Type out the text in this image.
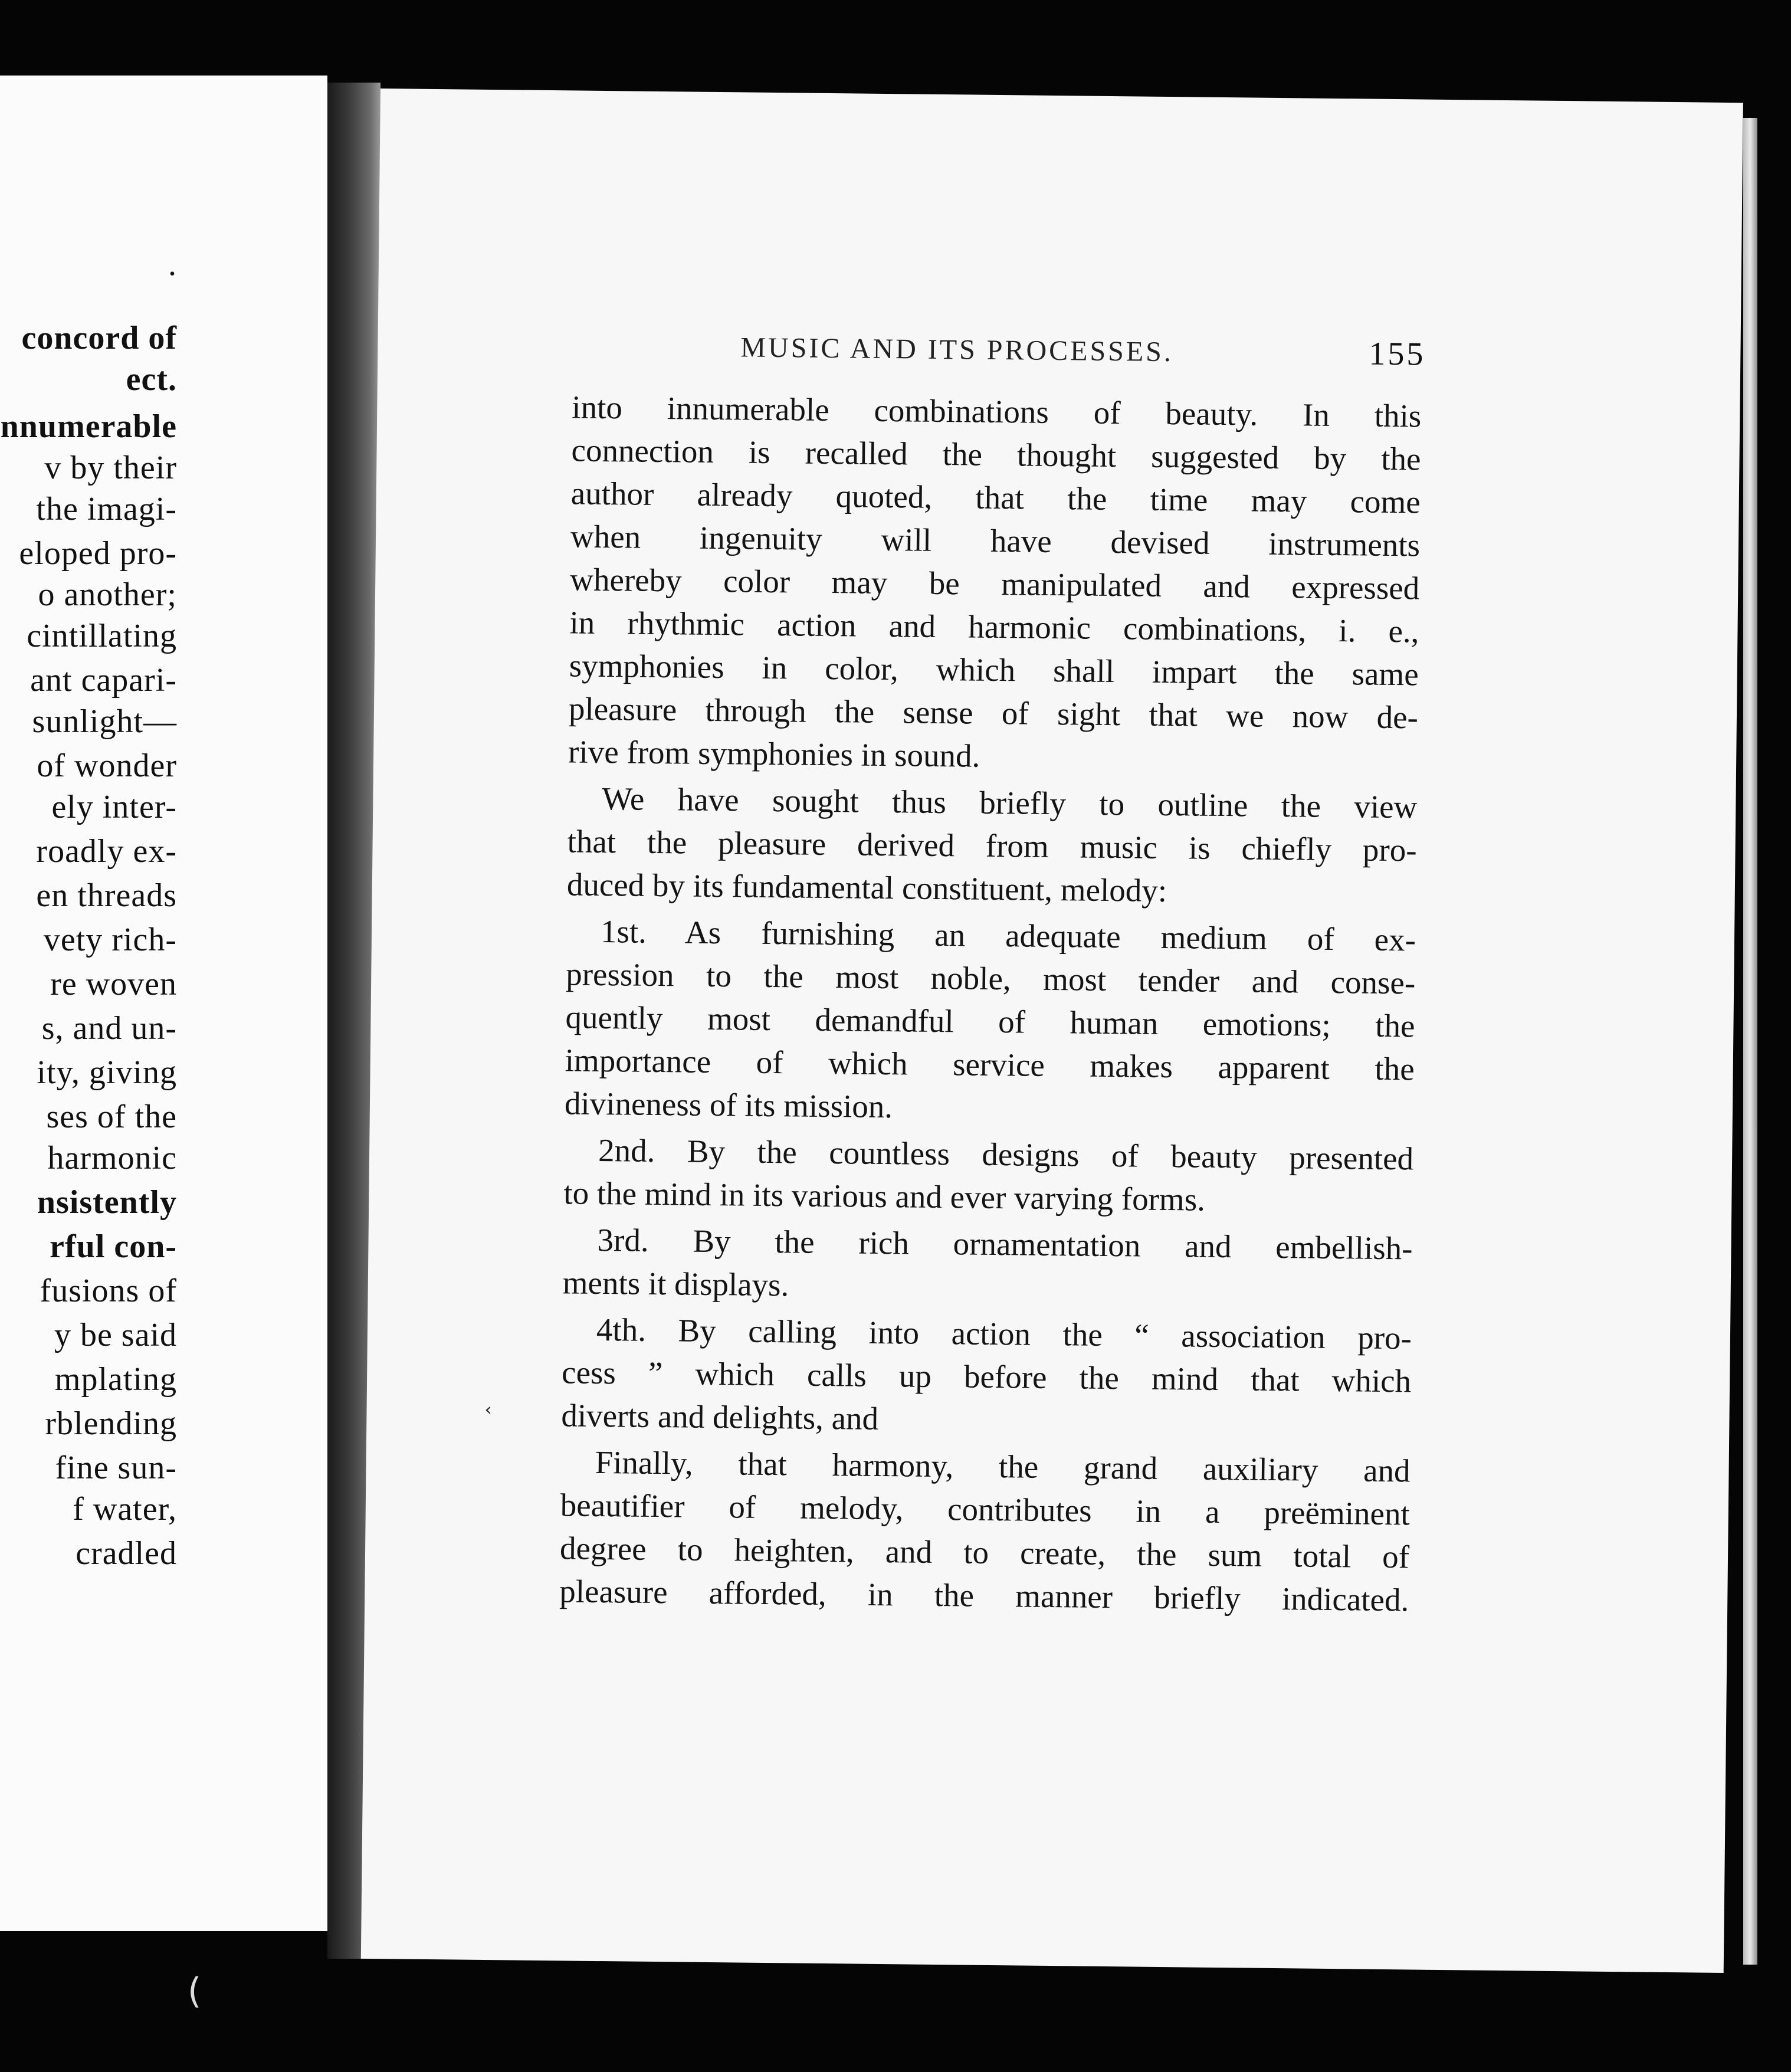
.
concord of
ect.
nnumerable
v by their
the imagi-
eloped pro-
o another;
cintillating
ant capari-
sunlight—
of wonder
ely inter-
roadly ex-
en threads
vety rich-
re woven
s, and un-
ity, giving
ses of the
harmonic
nsistently
rful con-
fusions of
y be said
mplating
rblending
fine sun-
f water,
cradled
MUSIC AND ITS PROCESSES.	155
into innumerable combinations of beauty. In this
connection is recalled the thought suggested by the
author already quoted, that the time may come
when ingenuity will have devised instruments
whereby color may be manipulated and expressed
in rhythmic action and harmonic combinations, i. e.,
symphonies in color, which shall impart the same
pleasure through the sense of sight that we now de-
rive from symphonies in sound.
We have sought thus briefly to outline the view
that the pleasure derived from music is chiefly pro-
duced by its fundamental constituent, melody:
1st. As furnishing an adequate medium of ex-
pression to the most noble, most tender and conse-
quently most demandful of human emotions; the
importance of which service makes apparent the
divineness of its mission.
2nd. By the countless designs of beauty presented
to the mind in its various and ever varying forms.
3rd. By the rich ornamentation and embellish-
ments it displays.
4th. By calling into action the “ association pro-
cess ” which calls up before the mind that which
diverts and delights, and
Finally, that harmony, the grand auxiliary and
beautifier of melody, contributes in a preëminent
degree to heighten, and to create, the sum total of
pleasure afforded, in the manner briefly indicated.
‹
(
